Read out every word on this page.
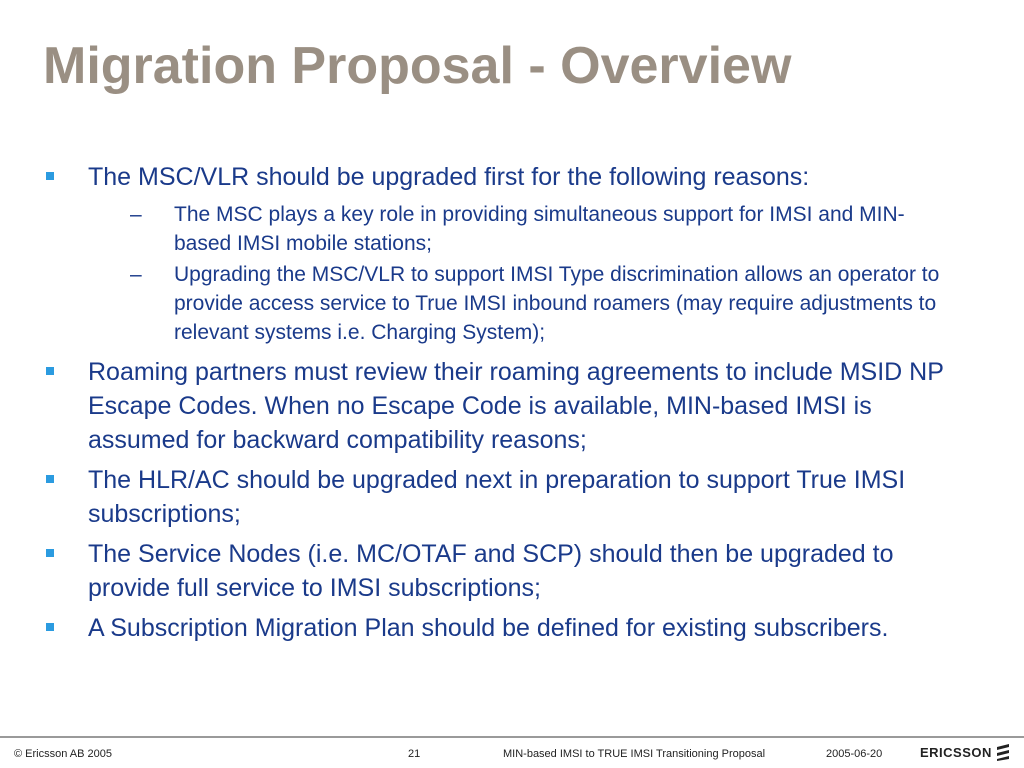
Migration Proposal - Overview
The MSC/VLR should be upgraded first for the following reasons:
– The MSC plays a key role in providing simultaneous support for IMSI and MIN-based IMSI mobile stations;
– Upgrading the MSC/VLR to support IMSI Type discrimination allows an operator to provide access service to True IMSI inbound roamers (may require adjustments to relevant systems i.e. Charging System);
Roaming partners must review their roaming agreements to include MSID NP Escape Codes. When no Escape Code is available, MIN-based IMSI is assumed for backward compatibility reasons;
The HLR/AC should be upgraded next in preparation to support True IMSI subscriptions;
The Service Nodes (i.e. MC/OTAF and SCP) should then be upgraded to provide full service to IMSI subscriptions;
A Subscription Migration Plan should be defined for existing subscribers.
© Ericsson AB 2005	21	MIN-based IMSI to TRUE IMSI Transitioning Proposal	2005-06-20	ERICSSON
